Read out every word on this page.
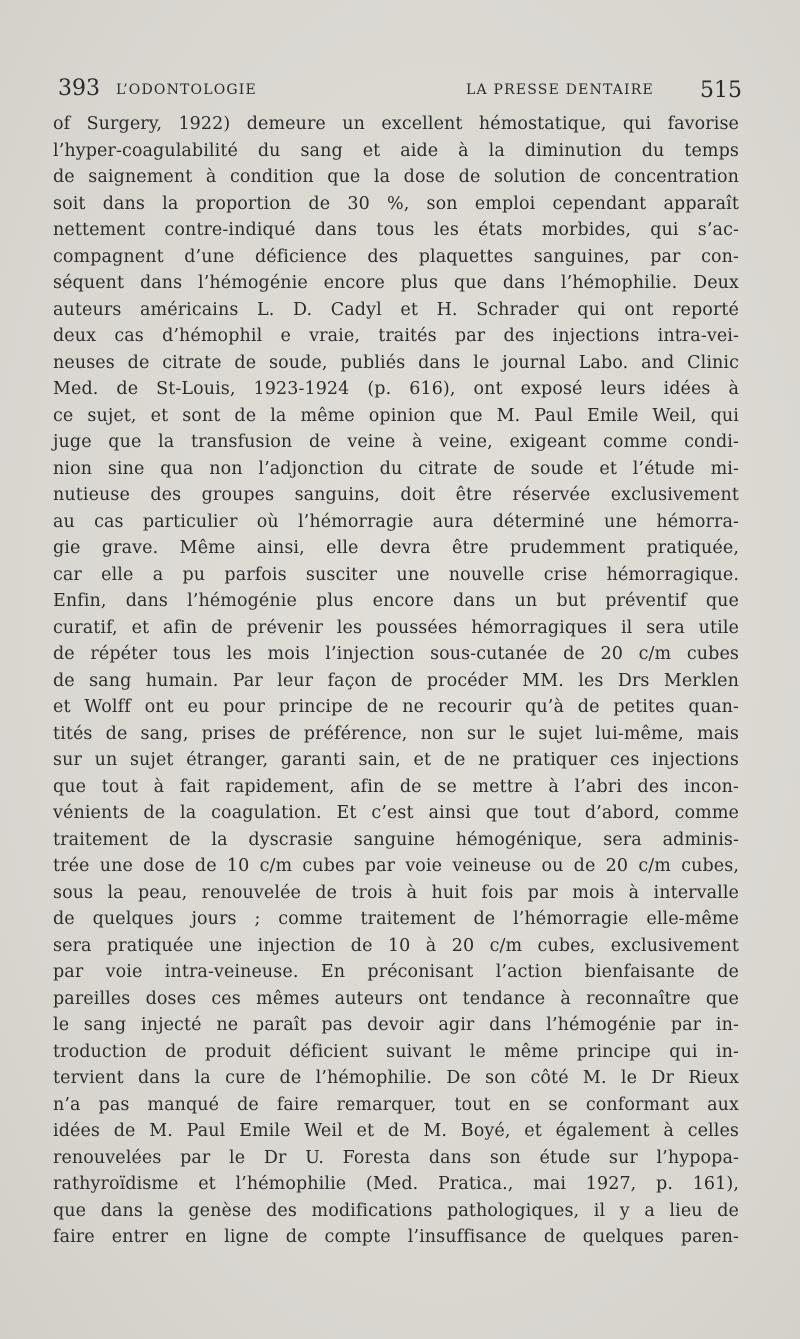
393 L’ODONTOLOGIE	LA PRESSE DENTAIRE 515
of Surgery, 1922) demeure un excellent hémostatique, qui favorise
l’hyper-coagulabilité du sang et aide à la diminution du temps
de saignement à condition que la dose de solution de concentration
soit dans la proportion de 30 %, son emploi cependant apparaît
nettement contre-indiqué dans tous les états morbides, qui s’ac-
compagnent d’une déficience des plaquettes sanguines, par con-
séquent dans l’hémogénie encore plus que dans l’hémophilie. Deux
auteurs américains L. D. Cadyl et H. Schrader qui ont reporté
deux cas d’hémophil e vraie, traités par des injections intra-vei-
neuses de citrate de soude, publiés dans le journal Labo. and Clinic
Med. de St-Louis, 1923-1924 (p. 616), ont exposé leurs idées à
ce sujet, et sont de la même opinion que M. Paul Emile Weil, qui
juge que la transfusion de veine à veine, exigeant comme condi-
nion sine qua non l’adjonction du citrate de soude et l’étude mi-
nutieuse des groupes sanguins, doit être réservée exclusivement
au cas particulier où l’hémorragie aura déterminé une hémorra-
gie grave. Même ainsi, elle devra être prudemment pratiquée,
car elle a pu parfois susciter une nouvelle crise hémorragique.
Enfin, dans l’hémogénie plus encore dans un but préventif que
curatif, et afin de prévenir les poussées hémorragiques il sera utile
de répéter tous les mois l’injection sous-cutanée de 20 c/m cubes
de sang humain. Par leur façon de procéder MM. les Drs Merklen
et Wolff ont eu pour principe de ne recourir qu’à de petites quan-
tités de sang, prises de préférence, non sur le sujet lui-même, mais
sur un sujet étranger, garanti sain, et de ne pratiquer ces injections
que tout à fait rapidement, afin de se mettre à l’abri des incon-
vénients de la coagulation. Et c’est ainsi que tout d’abord, comme
traitement de la dyscrasie sanguine hémogénique, sera adminis-
trée une dose de 10 c/m cubes par voie veineuse ou de 20 c/m cubes,
sous la peau, renouvelée de trois à huit fois par mois à intervalle
de quelques jours ; comme traitement de l’hémorragie elle-même
sera pratiquée une injection de 10 à 20 c/m cubes, exclusivement
par voie intra-veineuse. En préconisant l’action bienfaisante de
pareilles doses ces mêmes auteurs ont tendance à reconnaître que
le sang injecté ne paraît pas devoir agir dans l’hémogénie par in-
troduction de produit déficient suivant le même principe qui in-
tervient dans la cure de l’hémophilie. De son côté M. le Dr Rieux
n’a pas manqué de faire remarquer, tout en se conformant aux
idées de M. Paul Emile Weil et de M. Boyé, et également à celles
renouvelées par le Dr U. Foresta dans son étude sur l’hypopa-
rathyroïdisme et l’hémophilie (Med. Pratica., mai 1927, p. 161),
que dans la genèse des modifications pathologiques, il y a lieu de
faire entrer en ligne de compte l’insuffisance de quelques paren-
